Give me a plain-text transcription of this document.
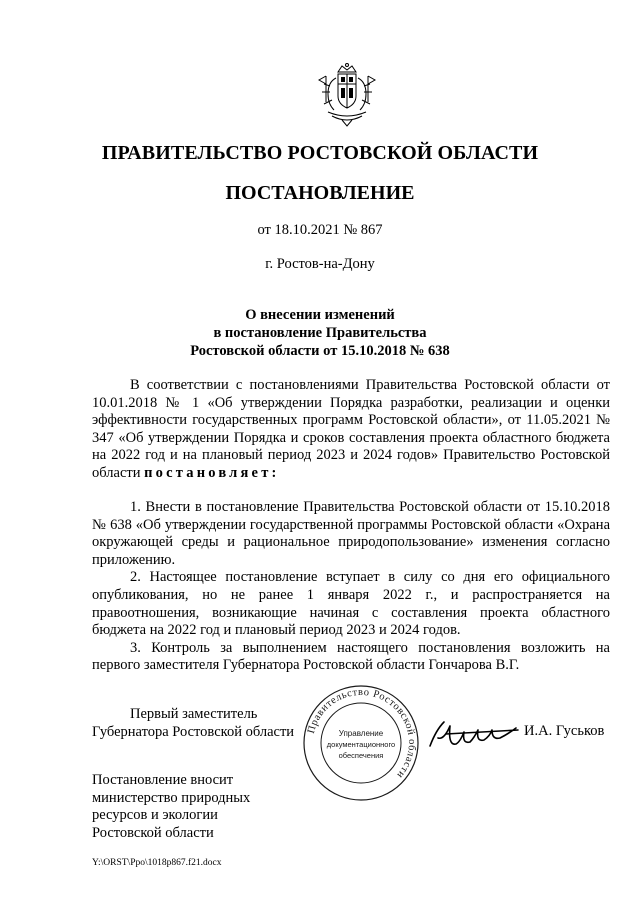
ПРАВИТЕЛЬСТВО РОСТОВСКОЙ ОБЛАСТИ
ПОСТАНОВЛЕНИЕ
от 18.10.2021 № 867
г. Ростов-на-Дону
О внесении изменений
в постановление Правительства
Ростовской области от 15.10.2018 № 638

В соответствии с постановлениями Правительства Ростовской области от 10.01.2018 № 1 «Об утверждении Порядка разработки, реализации и оценки эффективности государственных программ Ростовской области», от 11.05.2021 № 347 «Об утверждении Порядка и сроков составления проекта областного бюджета на 2022 год и на плановый период 2023 и 2024 годов» Правительство Ростовской области постановляет:

1. Внести в постановление Правительства Ростовской области от 15.10.2018 № 638 «Об утверждении государственной программы Ростовской области «Охрана окружающей среды и рациональное природопользование» изменения согласно приложению.

2. Настоящее постановление вступает в силу со дня его официального опубликования, но не ранее 1 января 2022 г., и распространяется на правоотношения, возникающие начиная с составления проекта областного бюджета на 2022 год и плановый период 2023 и 2024 годов.

3. Контроль за выполнением настоящего постановления возложить на первого заместителя Губернатора Ростовской области Гончарова В.Г.

Правительство Ростовской области
Управление
документационного
обеспечения
Первый заместитель
Губернатора Ростовской области	И.А. Гуськов
Постановление вносит
министерство природных
ресурсов и экологии
Ростовской области
Y:\ORST\Ppo\1018p867.f21.docx
